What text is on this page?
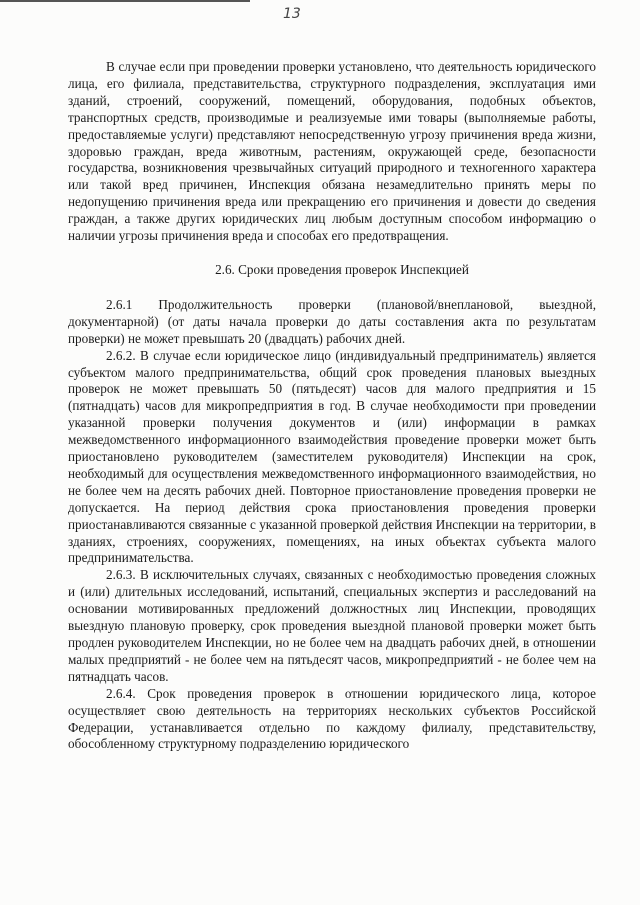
13

В случае если при проведении проверки установлено, что деятельность юридического лица, его филиала, представительства, структурного подразделения, эксплуатация ими зданий, строений, сооружений, помещений, оборудования, подобных объектов, транспортных средств, производимые и реализуемые ими товары (выполняемые работы, предоставляемые услуги) представляют непосредственную угрозу причинения вреда жизни, здоровью граждан, вреда животным, растениям, окружающей среде, безопасности государства, возникновения чрезвычайных ситуаций природного и техногенного характера или такой вред причинен, Инспекция обязана незамедлительно принять меры по недопущению причинения вреда или прекращению его причинения и довести до сведения граждан, а также других юридических лиц любым доступным способом информацию о наличии угрозы причинения вреда и способах его предотвращения.

2.6. Сроки проведения проверок Инспекцией

2.6.1 Продолжительность проверки (плановой/внеплановой, выездной, документарной) (от даты начала проверки до даты составления акта по результатам проверки) не может превышать 20 (двадцать) рабочих дней.

2.6.2. В случае если юридическое лицо (индивидуальный предприниматель) является субъектом малого предпринимательства, общий срок проведения плановых выездных проверок не может превышать 50 (пятьдесят) часов для малого предприятия и 15 (пятнадцать) часов для микропредприятия в год. В случае необходимости при проведении указанной проверки получения документов и (или) информации в рамках межведомственного информационного взаимодействия проведение проверки может быть приостановлено руководителем (заместителем руководителя) Инспекции на срок, необходимый для осуществления межведомственного информационного взаимодействия, но не более чем на десять рабочих дней. Повторное приостановление проведения проверки не допускается. На период действия срока приостановления проведения проверки приостанавливаются связанные с указанной проверкой действия Инспекции на территории, в зданиях, строениях, сооружениях, помещениях, на иных объектах субъекта малого предпринимательства.

2.6.3. В исключительных случаях, связанных с необходимостью проведения сложных и (или) длительных исследований, испытаний, специальных экспертиз и расследований на основании мотивированных предложений должностных лиц Инспекции, проводящих выездную плановую проверку, срок проведения выездной плановой проверки может быть продлен руководителем Инспекции, но не более чем на двадцать рабочих дней, в отношении малых предприятий - не более чем на пятьдесят часов, микропредприятий - не более чем на пятнадцать часов.

2.6.4. Срок проведения проверок в отношении юридического лица, которое осуществляет свою деятельность на территориях нескольких субъектов Российской Федерации, устанавливается отдельно по каждому филиалу, представительству, обособленному структурному подразделению юридического
